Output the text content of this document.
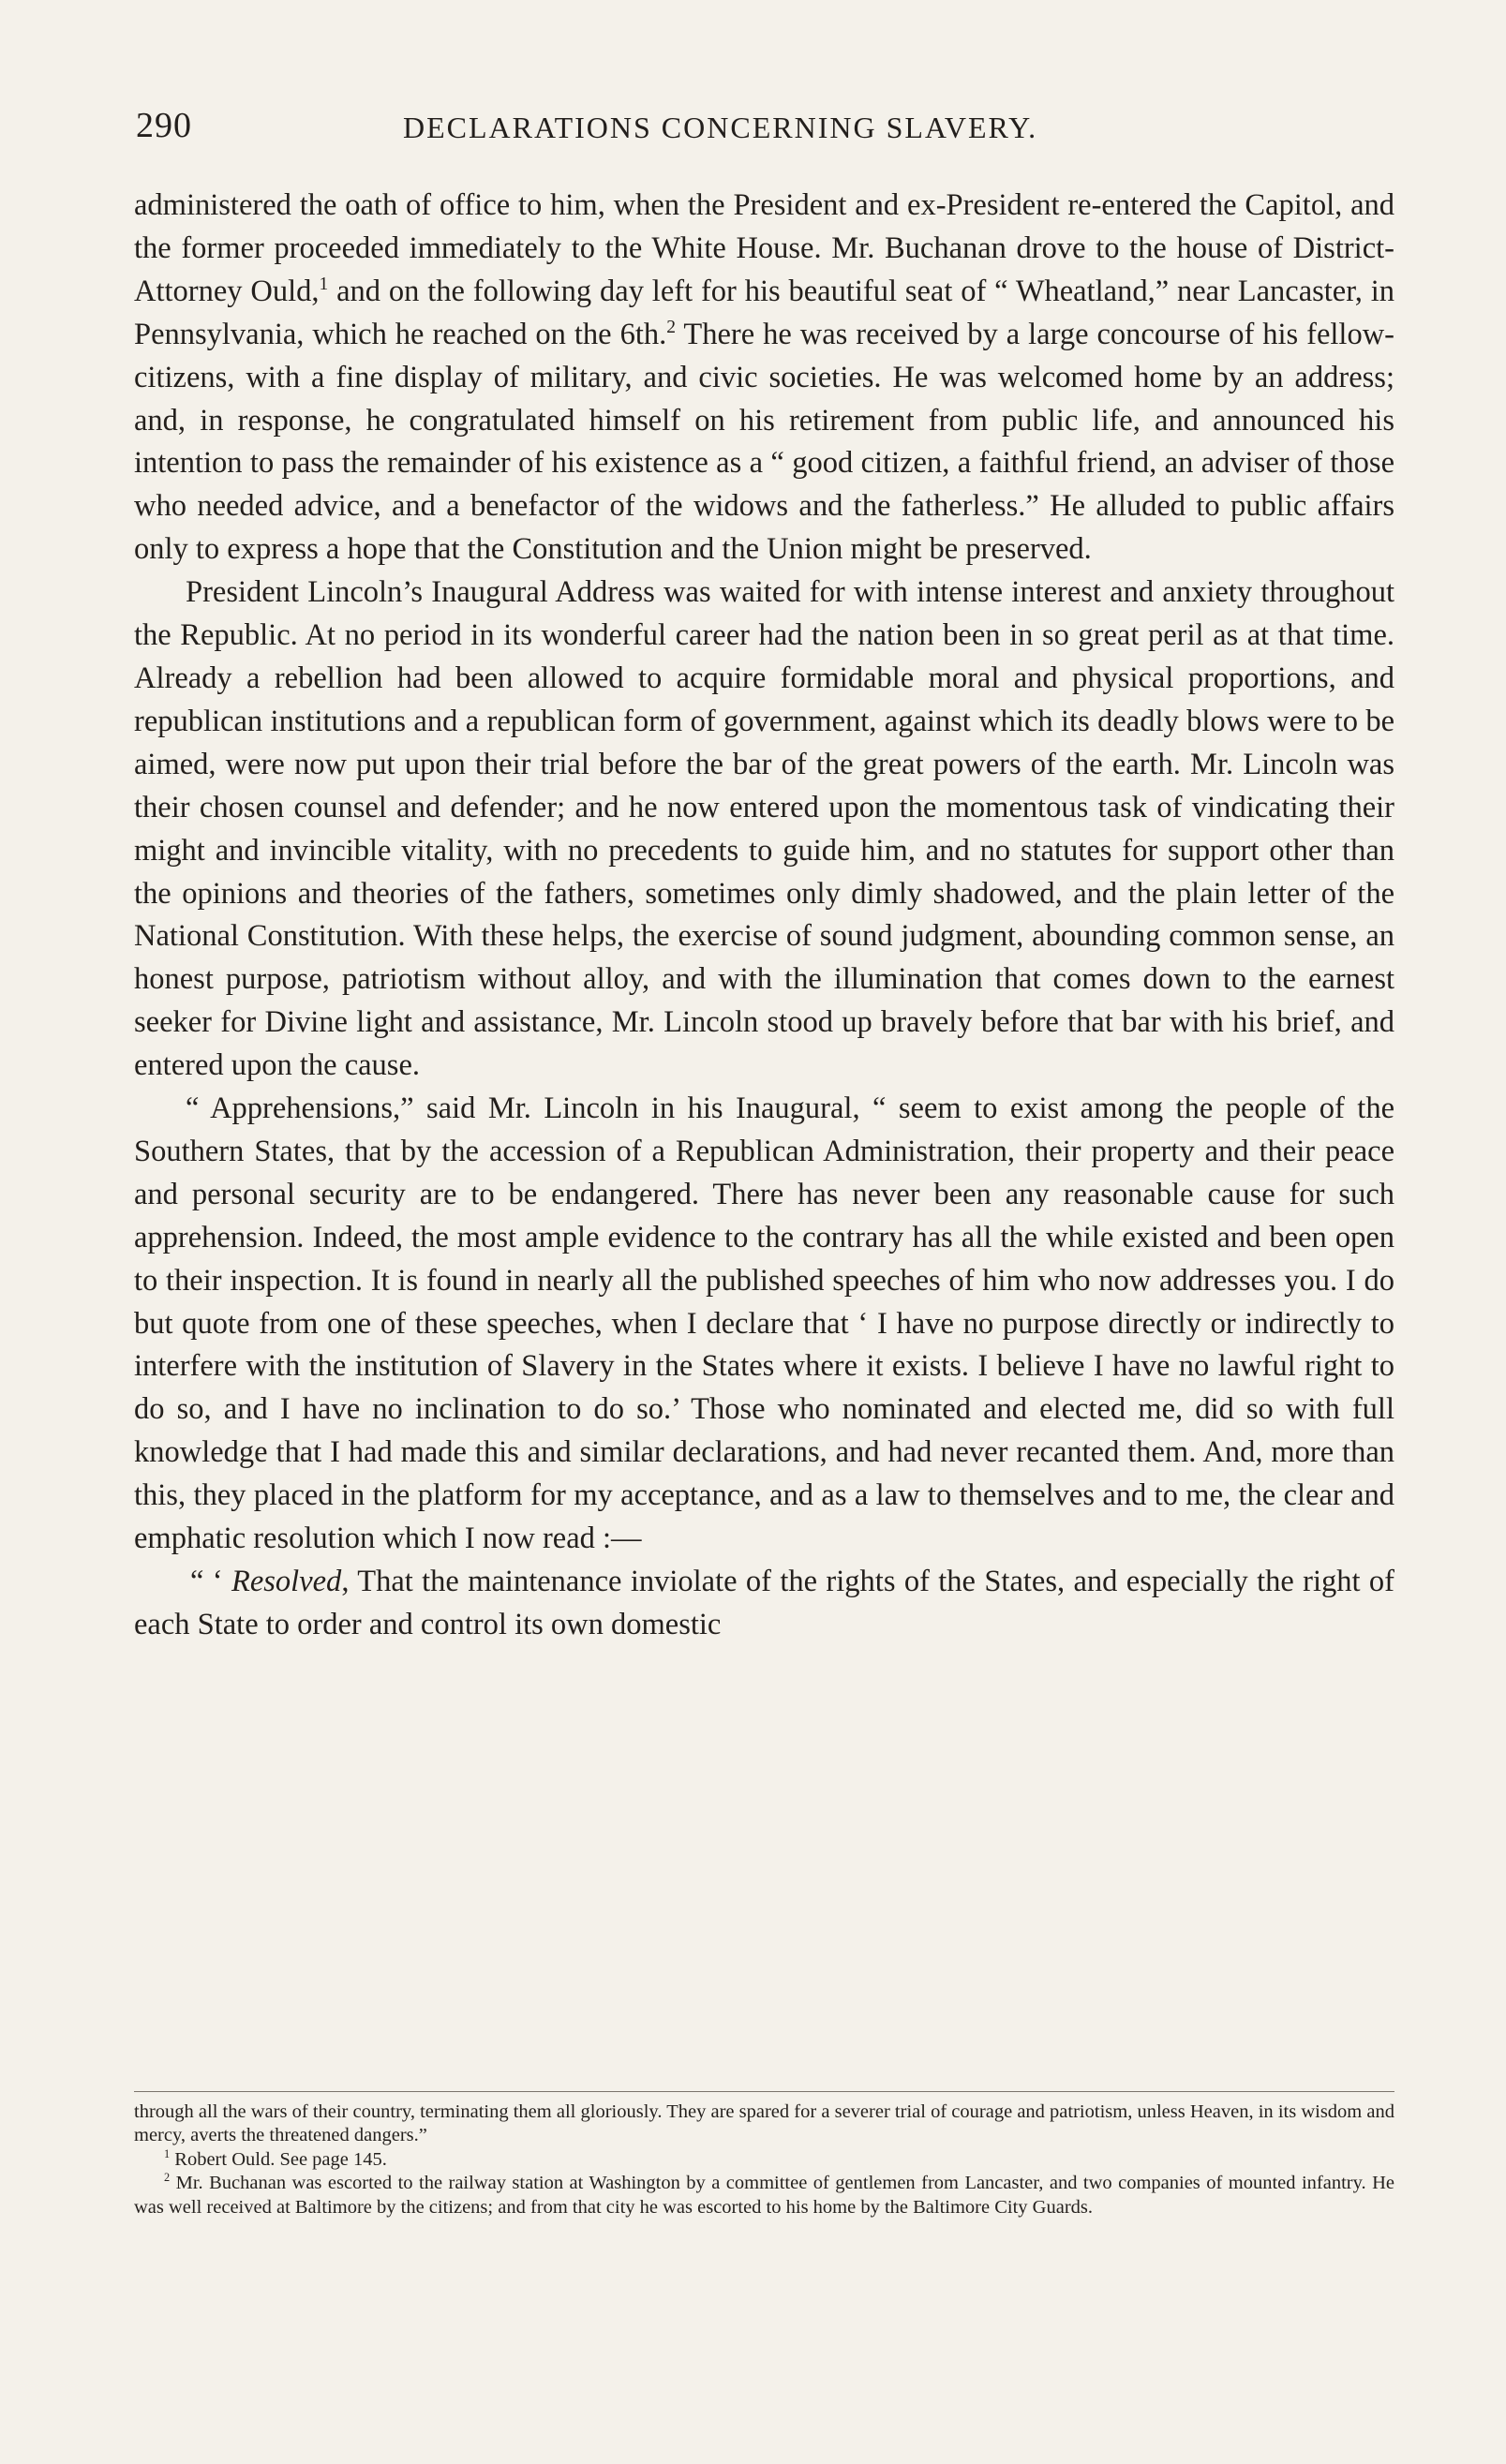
290	DECLARATIONS CONCERNING SLAVERY.

administered the oath of office to him, when the President and ex-President re-entered the Capitol, and the former proceeded immediately to the White House. Mr. Buchanan drove to the house of District-Attorney Ould,$^1$ and on the following day left for his beautiful seat of “ Wheatland,” near Lancaster, in Pennsylvania, which he reached on the 6th.$^2$ There he was received by a large concourse of his fellow-citizens, with a fine display of military, and civic societies. He was welcomed home by an address; and, in response, he congratulated himself on his retirement from public life, and announced his intention to pass the remainder of his existence as a “ good citizen, a faithful friend, an adviser of those who needed advice, and a benefactor of the widows and the fatherless.” He alluded to public affairs only to express a hope that the Constitution and the Union might be preserved.

President Lincoln’s Inaugural Address was waited for with intense interest and anxiety throughout the Republic. At no period in its wonderful career had the nation been in so great peril as at that time. Already a rebellion had been allowed to acquire formidable moral and physical proportions, and republican institutions and a republican form of government, against which its deadly blows were to be aimed, were now put upon their trial before the bar of the great powers of the earth. Mr. Lincoln was their chosen counsel and defender; and he now entered upon the momentous task of vindicating their might and invincible vitality, with no precedents to guide him, and no statutes for support other than the opinions and theories of the fathers, sometimes only dimly shadowed, and the plain letter of the National Constitution. With these helps, the exercise of sound judgment, abounding common sense, an honest purpose, patriotism without alloy, and with the illumination that comes down to the earnest seeker for Divine light and assistance, Mr. Lincoln stood up bravely before that bar with his brief, and entered upon the cause.

“ Apprehensions,” said Mr. Lincoln in his Inaugural, “ seem to exist among the people of the Southern States, that by the accession of a Republican Administration, their property and their peace and personal security are to be endangered. There has never been any reasonable cause for such apprehension. Indeed, the most ample evidence to the contrary has all the while existed and been open to their inspection. It is found in nearly all the published speeches of him who now addresses you. I do but quote from one of these speeches, when I declare that ‘ I have no purpose directly or indirectly to interfere with the institution of Slavery in the States where it exists. I believe I have no lawful right to do so, and I have no inclination to do so.’ Those who nominated and elected me, did so with full knowledge that I had made this and similar declarations, and had never recanted them. And, more than this, they placed in the platform for my acceptance, and as a law to themselves and to me, the clear and emphatic resolution which I now read :—

“ ‘ Resolved, That the maintenance inviolate of the rights of the States, and especially the right of each State to order and control its own domestic

through all the wars of their country, terminating them all gloriously. They are spared for a severer trial of courage and patriotism, unless Heaven, in its wisdom and mercy, averts the threatened dangers.”

$^1$ Robert Ould. See page 145.

$^2$ Mr. Buchanan was escorted to the railway station at Washington by a committee of gentlemen from Lancaster, and two companies of mounted infantry. He was well received at Baltimore by the citizens; and from that city he was escorted to his home by the Baltimore City Guards.
